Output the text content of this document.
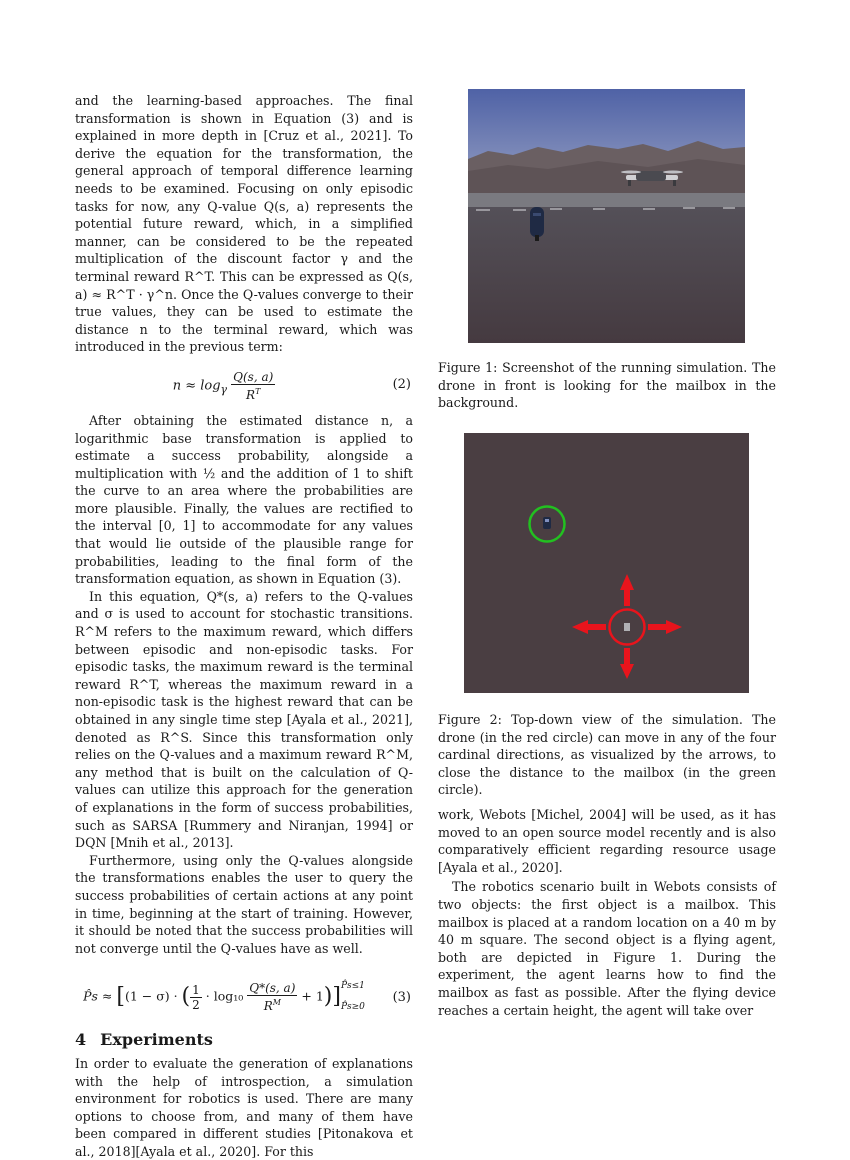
and the learning-based approaches. The final transformation is shown in Equation (3) and is explained in more depth in [Cruz et al., 2021]. To derive the equation for the transformation, the general approach of temporal difference learning needs to be examined. Focusing on only episodic tasks for now, any Q-value Q(s, a) represents the potential future reward, which, in a simplified manner, can be considered to be the repeated multiplication of the discount factor γ and the terminal reward R^T. This can be expressed as Q(s, a) ≈ R^T · γ^n. Once the Q-values converge to their true values, they can be used to estimate the distance n to the terminal reward, which was introduced in the previous term:

$n \approx \log_\gamma \frac{Q(s, a)}{R^T}$	(2)

After obtaining the estimated distance n, a logarithmic base transformation is applied to estimate a success probability, alongside a multiplication with ½ and the addition of 1 to shift the curve to an area where the probabilities are more plausible. Finally, the values are rectified to the interval [0, 1] to accommodate for any values that would lie outside of the plausible range for probabilities, leading to the final form of the transformation equation, as shown in Equation (3).

In this equation, Q*(s, a) refers to the Q-values and σ is used to account for stochastic transitions. R^M refers to the maximum reward, which differs between episodic and non-episodic tasks. For episodic tasks, the maximum reward is the terminal reward R^T, whereas the maximum reward in a non-episodic task is the highest reward that can be obtained in any single time step [Ayala et al., 2021], denoted as R^S. Since this transformation only relies on the Q-values and a maximum reward R^M, any method that is built on the calculation of Q-values can utilize this approach for the generation of explanations in the form of success probabilities, such as SARSA [Rummery and Niranjan, 1994] or DQN [Mnih et al., 2013].

Furthermore, using only the Q-values alongside the transformations enables the user to query the success probabilities of certain actions at any point in time, beginning at the start of training. However, it should be noted that the success probabilities will not converge until the Q-values have as well.

P̂s ≈ [(1 − σ) · ( $\frac{1}{2} \cdot \log_{10} \frac{Q*(s, a)}{R^M} + 1$)] P̂s≤1
P̂s≥0
(3)
4 Experiments

In order to evaluate the generation of explanations with the help of introspection, a simulation environment for robotics is used. There are many options to choose from, and many of them have been compared in different studies [Pitonakova et al., 2018][Ayala et al., 2020]. For this

Figure 1: Screenshot of the running simulation. The drone in front is looking for the mailbox in the background.

Figure 2: Top-down view of the simulation. The drone (in the red circle) can move in any of the four cardinal directions, as visualized by the arrows, to close the distance to the mailbox (in the green circle).

work, Webots [Michel, 2004] will be used, as it has moved to an open source model recently and is also comparatively efficient regarding resource usage [Ayala et al., 2020].

The robotics scenario built in Webots consists of two objects: the first object is a mailbox. This mailbox is placed at a random location on a 40 m by 40 m square. The second object is a flying agent, both are depicted in Figure 1. During the experiment, the agent learns how to find the mailbox as fast as possible. After the flying device reaches a certain height, the agent will take over
